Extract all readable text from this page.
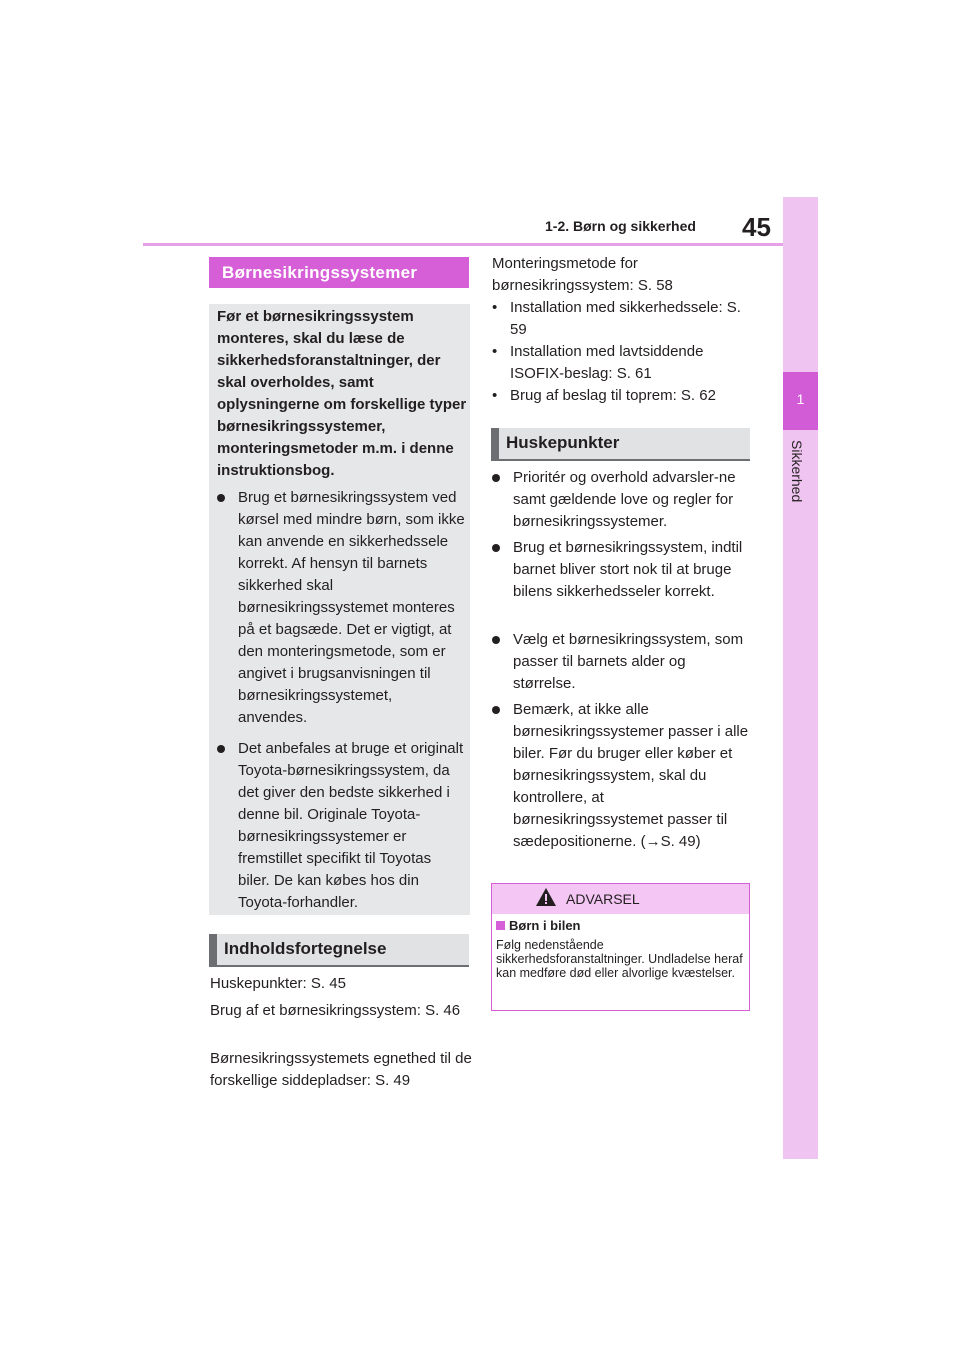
1-2. Børn og sikkerhed 45
1
Sikkerhed
Børnesikringssystemer
Før et børnesikringssystem monteres, skal du læse de sikkerhedsforanstaltninger, der skal overholdes, samt oplysningerne om forskellige typer børnesikringssystemer, monteringsmetoder m.m. i denne instruktionsbog.
Brug et børnesikringssystem ved kørsel med mindre børn, som ikke kan anvende en sikkerhedssele korrekt. Af hensyn til barnets sikkerhed skal børnesikringssystemet monteres på et bagsæde. Det er vigtigt, at den monteringsmetode, som er angivet i brugsanvisningen til børnesikringssystemet, anvendes.
Det anbefales at bruge et originalt Toyota-børnesikringssystem, da det giver den bedste sikkerhed i denne bil. Originale Toyota-børnesikringssystemer er fremstillet specifikt til Toyotas biler. De kan købes hos din Toyota-forhandler.
Indholdsfortegnelse
Huskepunkter: S. 45
Brug af et børnesikringssystem: S. 46
Børnesikringssystemets egnethed til de forskellige siddepladser: S. 49
Monteringsmetode for børnesikringssystem: S. 58
• Installation med sikkerhedssele: S. 59
• Installation med lavtsiddende ISOFIX-beslag: S. 61
• Brug af beslag til toprem: S. 62
Huskepunkter
Prioritér og overhold advarsler-ne samt gældende love og regler for børnesikringssystemer.
Brug et børnesikringssystem, indtil barnet bliver stort nok til at bruge bilens sikkerhedsseler korrekt.
Vælg et børnesikringssystem, som passer til barnets alder og størrelse.
Bemærk, at ikke alle børnesikringssystemer passer i alle biler. Før du bruger eller køber et børnesikringssystem, skal du kontrollere, at børnesikringssystemet passer til sædepositionerne. (→S. 49)
ADVARSEL
Børn i bilen
Følg nedenstående sikkerhedsforanstaltninger. Undladelse heraf kan medføre død eller alvorlige kvæstelser.
